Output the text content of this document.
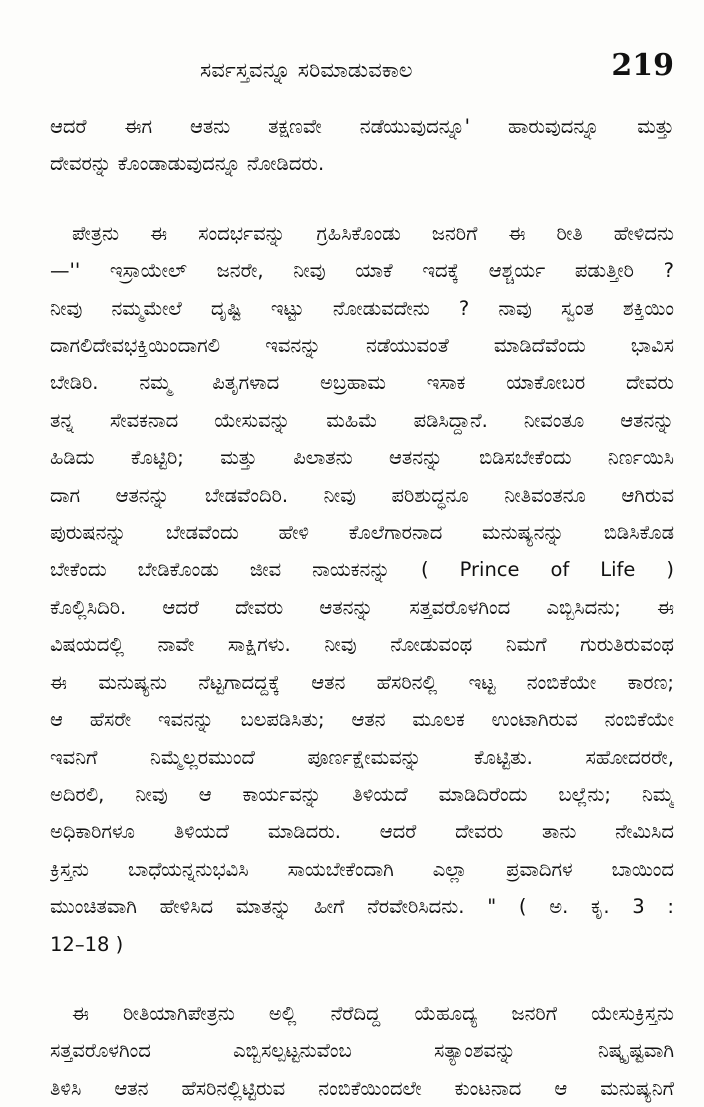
ಸರ್ವಸ್ತವನ್ನೂ ಸರಿಮಾಡುವಕಾಲ	219
ಆದರೆ ಈಗ ಆತನು ತಕ್ಷಣವೇ ನಡೆಯುವುದನ್ನೂ' ಹಾರುವುದನ್ನೂ ಮತ್ತು
ದೇವರನ್ನು ಕೊಂಡಾಡುವುದನ್ನೂ ನೋಡಿದರು.
ಪೇತ್ರನು ಈ ಸಂದರ್ಭವನ್ನು ಗ್ರಹಿಸಿಕೊಂಡು ಜನರಿಗೆ ಈ ರೀತಿ ಹೇಳಿದನು
—'' ಇಸ್ರಾಯೇಲ್ ಜನರೇ, ನೀವು ಯಾಕೆ ಇದಕ್ಕೆ ಆಶ್ಚರ್ಯ ಪಡುತ್ತೀರಿ ?
ನೀವು ನಮ್ಮಮೇಲೆ ದೃಷ್ಟಿ ಇಟ್ಟು ನೋಡುವದೇನು ? ನಾವು ಸ್ವಂತ ಶಕ್ತಿಯಿಂ
ದಾಗಲಿದೇವಭಕ್ತಿಯಿಂದಾಗಲಿ ಇವನನ್ನು ನಡೆಯುವಂತೆ ಮಾಡಿದೆವೆಂದು ಭಾವಿಸ
ಬೇಡಿರಿ. ನಮ್ಮ ಪಿತೃಗಳಾದ ಅಬ್ರಹಾಮ ಇಸಾಕ ಯಾಕೋಬರ ದೇವರು
ತನ್ನ ಸೇವಕನಾದ ಯೇಸುವನ್ನು ಮಹಿಮೆ ಪಡಿಸಿದ್ದಾನೆ. ನೀವಂತೂ ಆತನನ್ನು
ಹಿಡಿದು ಕೊಟ್ಟಿರಿ; ಮತ್ತು ಪಿಲಾತನು ಆತನನ್ನು ಬಿಡಿಸಬೇಕೆಂದು ನಿರ್ಣಯಿಸಿ
ದಾಗ ಆತನನ್ನು ಬೇಡವೆಂದಿರಿ. ನೀವು ಪರಿಶುದ್ಧನೂ ನೀತಿವಂತನೂ ಆಗಿರುವ
ಪುರುಷನನ್ನು ಬೇಡವೆಂದು ಹೇಳಿ ಕೊಲೆಗಾರನಾದ ಮನುಷ್ಯನನ್ನು ಬಿಡಿಸಿಕೊಡ
ಬೇಕೆಂದು ಬೇಡಿಕೊಂಡು ಜೀವ ನಾಯಕನನ್ನು ( Prince of Life )
ಕೊಲ್ಲಿಸಿದಿರಿ. ಆದರೆ ದೇವರು ಆತನನ್ನು ಸತ್ತವರೊಳಗಿಂದ ಎಬ್ಬಿಸಿದನು; ಈ
ವಿಷಯದಲ್ಲಿ ನಾವೇ ಸಾಕ್ಷಿಗಳು. ನೀವು ನೋಡುವಂಥ ನಿಮಗೆ ಗುರುತಿರುವಂಥ
ಈ ಮನುಷ್ಯನು ನೆಟ್ಟಗಾದದ್ದಕ್ಕೆ ಆತನ ಹೆಸರಿನಲ್ಲಿ ಇಟ್ಟ ನಂಬಿಕೆಯೇ ಕಾರಣ;
ಆ ಹೆಸರೇ ಇವನನ್ನು ಬಲಪಡಿಸಿತು; ಆತನ ಮೂಲಕ ಉಂಟಾಗಿರುವ ನಂಬಿಕೆಯೇ
ಇವನಿಗೆ ನಿಮ್ಮೆಲ್ಲರಮುಂದೆ ಪೂರ್ಣಕ್ಷೇಮವನ್ನು ಕೊಟ್ಟಿತು. ಸಹೋದರರೇ,
ಅದಿರಲಿ, ನೀವು ಆ ಕಾರ್ಯವನ್ನು ತಿಳಿಯದೆ ಮಾಡಿದಿರೆಂದು ಬಲ್ಲೆನು; ನಿಮ್ಮ
ಅಧಿಕಾರಿಗಳೂ ತಿಳಿಯದೆ ಮಾಡಿದರು. ಆದರೆ ದೇವರು ತಾನು ನೇಮಿಸಿದ
ಕ್ರಿಸ್ತನು ಬಾಧೆಯನ್ನನುಭವಿಸಿ ಸಾಯಬೇಕೆಂದಾಗಿ ಎಲ್ಲಾ ಪ್ರವಾದಿಗಳ ಬಾಯಿಂದ
ಮುಂಚಿತವಾಗಿ ಹೇಳಿಸಿದ ಮಾತನ್ನು ಹೀಗೆ ನೆರವೇರಿಸಿದನು. " ( ಅ. ಕೃ. 3 :
12–18 )
ಈ ರೀತಿಯಾಗಿಪೇತ್ರನು ಅಲ್ಲಿ ನೆರೆದಿದ್ದ ಯೆಹೂದ್ಯ ಜನರಿಗೆ ಯೇಸುಕ್ರಿಸ್ತನು
ಸತ್ತವರೊಳಗಿಂದ ಎಬ್ಬಿಸಲ್ಪಟ್ಟನುವೆಂಬ ಸತ್ಯಾಂಶವನ್ನು ನಿಷ್ಕೃಷ್ಟವಾಗಿ
ತಿಳಿಸಿ ಆತನ ಹೆಸರಿನಲ್ಲಿಟ್ಟಿರುವ ನಂಬಿಕೆಯಿಂದಲೇ ಕುಂಟನಾದ ಆ ಮನುಷ್ಯನಿಗೆ
